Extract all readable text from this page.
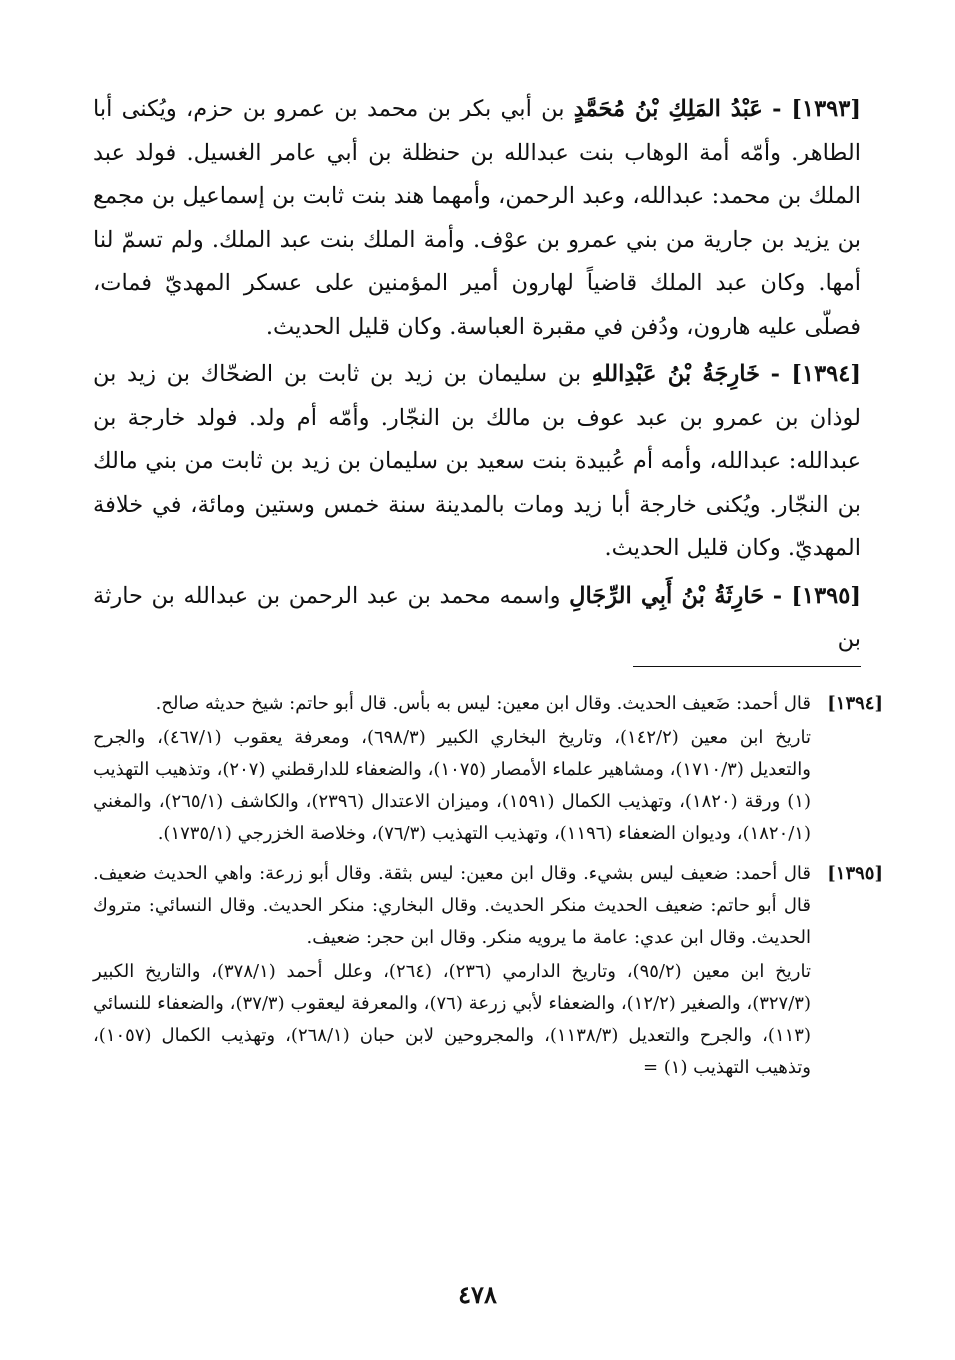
[١٣٩٣] - عَبْدُ المَلِكِ بْنُ مُحَمَّدٍ بن أبي بكر بن محمد بن عمرو بن حزم، ويُكنى أبا الطاهر. وأمّه أمة الوهاب بنت عبدالله بن حنظلة بن أبي عامر الغسيل. فولد عبد الملك بن محمد: عبدالله، وعبد الرحمن، وأمهما هند بنت ثابت بن إسماعيل بن مجمع بن يزيد بن جارية من بني عمرو بن عوْف. وأمة الملك بنت عبد الملك. ولم تسمّ لنا أمها. وكان عبد الملك قاضياً لهارون أمير المؤمنين على عسكر المهديّ فمات، فصلّى عليه هارون، ودُفن في مقبرة العباسة. وكان قليل الحديث.

[١٣٩٤] - خَارِجَةُ بْنُ عَبْدِاللهِ بن سليمان بن زيد بن ثابت بن الضحّاك بن زيد بن لوذان بن عمرو بن عبد عوف بن مالك بن النجّار. وأمّه أم ولد. فولد خارجة بن عبدالله: عبدالله، وأمه أم عُبيدة بنت سعيد بن سليمان بن زيد بن ثابت من بني مالك بن النجّار. ويُكنى خارجة أبا زيد ومات بالمدينة سنة خمس وستين ومائة، في خلافة المهديّ. وكان قليل الحديث.

[١٣٩٥] - حَارِثَةُ بْنُ أَبِي الرِّجَالِ واسمه محمد بن عبد الرحمن بن عبدالله بن حارثة بن

[١٣٩٤]

قال أحمد: ضَعيف الحديث. وقال ابن معين: ليس به بأس. قال أبو حاتم: شيخ حديثه صالح.

تاريخ ابن معين (١٤٢/٢)، وتاريخ البخاري الكبير (٦٩٨/٣)، ومعرفة يعقوب (٤٦٧/١)، والجرح والتعديل (١٧١٠/٣)، ومشاهير علماء الأمصار (١٠٧٥)، والضعفاء للدارقطني (٢٠٧)، وتذهيب التهذيب (١) ورقة (١٨٢٠)، وتهذيب الكمال (١٥٩١)، وميزان الاعتدال (٢٣٩٦)، والكاشف (٢٦٥/١)، والمغني (١٨٢٠/١)، وديوان الضعفاء (١١٩٦)، وتهذيب التهذيب (٧٦/٣)، وخلاصة الخزرجي (١٧٣٥/١).

[١٣٩٥]

قال أحمد: ضعيف ليس بشيء. وقال ابن معين: ليس بثقة. وقال أبو زرعة: واهي الحديث ضعيف. قال أبو حاتم: ضعيف الحديث منكر الحديث. وقال البخاري: منكر الحديث. وقال النسائي: متروك الحديث. وقال ابن عدي: عامة ما يرويه منكر. وقال ابن حجر: ضعيف.

تاريخ ابن معين (٩٥/٢)، وتاريخ الدارمي (٢٣٦)، (٢٦٤)، وعلل أحمد (٣٧٨/١)، والتاريخ الكبير (٣٢٧/٣)، والصغير (١٢/٢)، والضعفاء لأبي زرعة (٧٦)، والمعرفة ليعقوب (٣٧/٣)، والضعفاء للنسائي (١١٣)، والجرح والتعديل (١١٣٨/٣)، والمجروحين لابن حبان (٢٦٨/١)، وتهذيب الكمال (١٠٥٧)، وتذهيب التهذيب (١) =

٤٧٨
